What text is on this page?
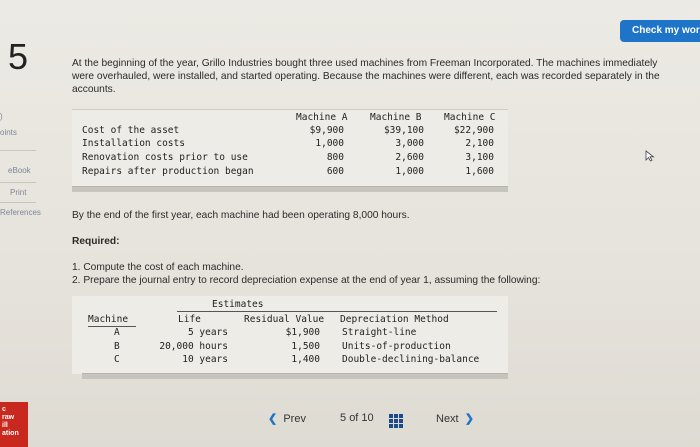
Check my wor
5
)
oints
eBook
Print
References
At the beginning of the year, Grillo Industries bought three used machines from Freeman Incorporated. The machines immediately were overhauled, were installed, and started operating. Because the machines were different, each was recorded separately in the accounts.
Machine A Machine B Machine C
Cost of the asset	$9,900	$39,100	$22,900
Installation costs	1,000	3,000	2,100
Renovation costs prior to use	800	2,600	3,100
Repairs after production began	600	1,000	1,600
By the end of the first year, each machine had been operating 8,000 hours.
Required:
1. Compute the cost of each machine.
2. Prepare the journal entry to record depreciation expense at the end of year 1, assuming the following:
Estimates
Machine	Life	Residual Value Depreciation Method
A	5 years	$1,900 Straight-line
B	20,000 hours	1,500 Units-of-production
C	10 years	1,400 Double-declining-balance
❮ Prev	5 of 10	Next ❯
c
raw
ill
ation
